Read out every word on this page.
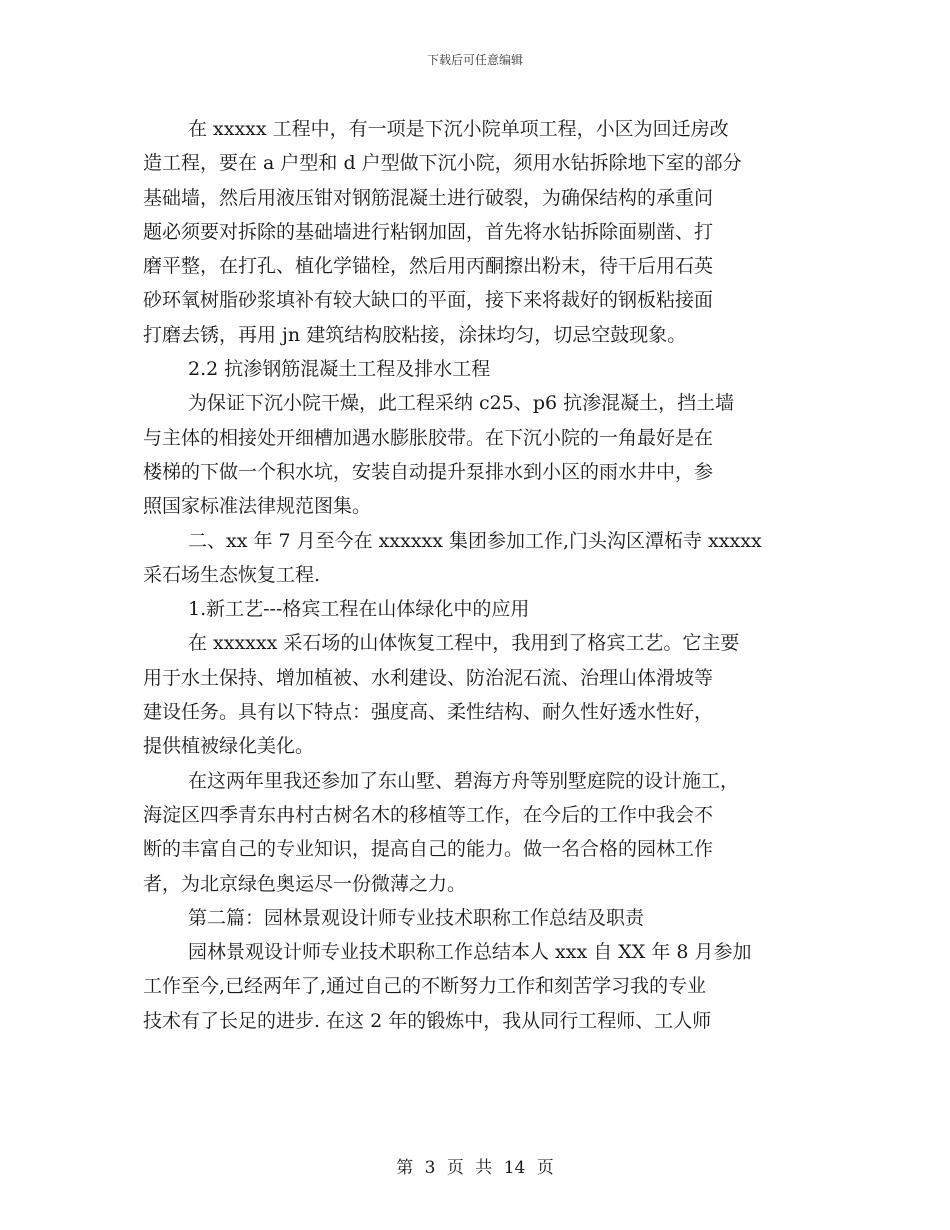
下载后可任意编辑
在 xxxxx 工程中，有一项是下沉小院单项工程，小区为回迁房改
造工程，要在 a 户型和 d 户型做下沉小院，须用水钻拆除地下室的部分
基础墙，然后用液压钳对钢筋混凝土进行破裂，为确保结构的承重问
题必须要对拆除的基础墙进行粘钢加固，首先将水钻拆除面剔凿、打
磨平整，在打孔、植化学锚栓，然后用丙酮擦出粉末，待干后用石英
砂环氧树脂砂浆填补有较大缺口的平面，接下来将裁好的钢板粘接面
打磨去锈，再用 jn 建筑结构胶粘接，涂抹均匀，切忌空鼓现象。
2.2 抗渗钢筋混凝土工程及排水工程
为保证下沉小院干燥，此工程采纳 c25、p6 抗渗混凝土，挡土墙
与主体的相接处开细槽加遇水膨胀胶带。在下沉小院的一角最好是在
楼梯的下做一个积水坑，安装自动提升泵排水到小区的雨水井中，参
照国家标准法律规范图集。
二、xx 年 7 月至今在 xxxxxx 集团参加工作,门头沟区潭柘寺 xxxxx
采石场生态恢复工程.
1.新工艺---格宾工程在山体绿化中的应用
在 xxxxxx 采石场的山体恢复工程中，我用到了格宾工艺。它主要
用于水土保持、增加植被、水利建设、防治泥石流、治理山体滑坡等
建设任务。具有以下特点：强度高、柔性结构、耐久性好透水性好，
提供植被绿化美化。
在这两年里我还参加了东山墅、碧海方舟等别墅庭院的设计施工，
海淀区四季青东冉村古树名木的移植等工作，在今后的工作中我会不
断的丰富自己的专业知识，提高自己的能力。做一名合格的园林工作
者，为北京绿色奥运尽一份微薄之力。
第二篇：园林景观设计师专业技术职称工作总结及职责
园林景观设计师专业技术职称工作总结本人 xxx 自 XX 年 8 月参加
工作至今,已经两年了,通过自己的不断努力工作和刻苦学习我的专业
技术有了长足的进步. 在这 2 年的锻炼中，我从同行工程师、工人师
第 3 页 共 14 页
